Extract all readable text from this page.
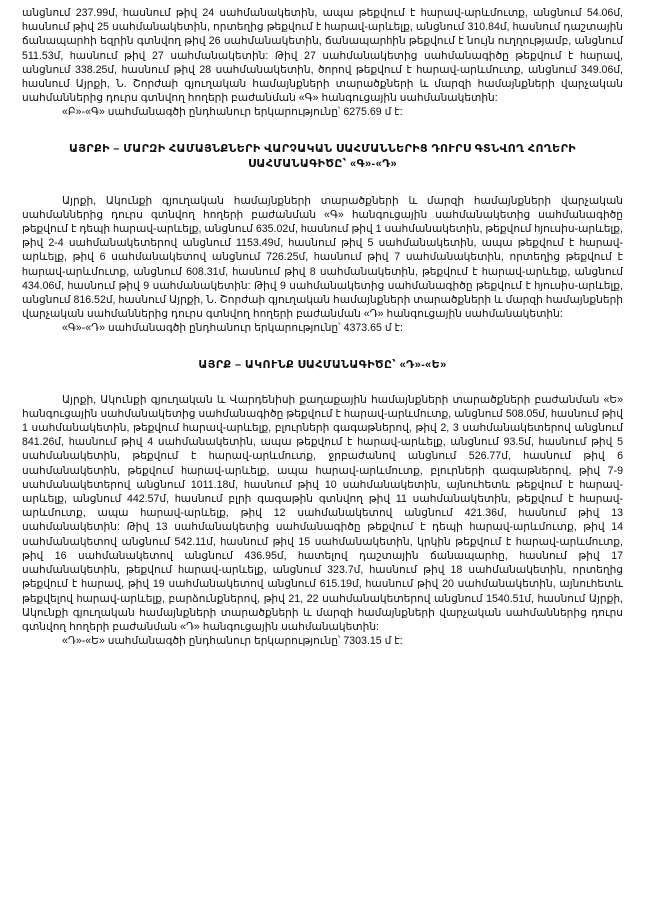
անցնում 237.99մ, hասնում թիվ 24 սահմանակետին, ապա թեքվում է hարավ-արևմուտք, անցնում 54.06մ, hասնում թիվ 25 սահմանակետին, որտեղից թեքվում է hարավ-արևելք, անցնում 310.84մ, hասնում դաշտային ճանապարհի եզրին գտնվող թիվ 26 սահմանակետին, ճանապարhին թեքվում է նույն ուղղությամբ, անցնում 511.53մ, hասնում թիվ 27 սահմանակետին: Թիվ 27 սահմանակետից սահմանագիծը թեքվում է hարավ, անցնում 338.25մ, hասնում թիվ 28 սահմանակետին, ծորով թեքվում է hարավ-արևմուտք, անցնում 349.06մ, hասնում Այրքի, Ն. Շորժաի գյուղական համայնքների տարածքների և մարզի համայնքների վարչական սահմաններից դուրս գտնվող հողերի բաժանման «Գ» հանգուցային սահմանակետին:

«Բ»-«Գ» սահմանագծի ընդհանուր երկարությունը՝ 6275.69 մ է:

ԱՅՐՔԻ – ՄԱՐԶԻ ՀԱՄԱՅՆՔՆԵՐԻ ՎԱՐՉԱԿԱՆ ՍԱՀՄԱՆՆԵՐԻՑ ԴՈՒՐՍ ԳՏՆՎՈՂ ՀՈՂԵՐԻ ՍԱՀՄԱՆԱԳԻԾԸ՝ «Գ»-«Դ»

Այրքի, Ակունքի գյուղական համայնքների տարածքների և մարզի համայնքների վարչական սահմաններից դուրս գտնվող հողերի բաժանման «Գ» հանգուցային սահմանակետից սահմանագիծը թեքվում է դեպի hարավ-արևելք, անցնում 635.02մ, hասնում թիվ 1 սահմանակետին, թեքվում hյուսիս-արևելք, թիվ 2-4 սահմանակետերով անցնում 1153.49մ, hասնում թիվ 5 սահմանակետին, ապա թեքվում է hարավ-արևելք, թիվ 6 սահմանակետով անցնում 726.25մ, hասնում թիվ 7 սահմանակետին, որտեղից թեքվում է hարավ-արևմուտք, անցնում 608.31մ, hասնում թիվ 8 սահմանակետին, թեքվում է hարավ-արևելք, անցնում 434.06մ, hասնում թիվ 9 սահմանակետին: Թիվ 9 սահմանակետից սահմանագիծը թեքվում է hյուսիս-արևելք, անցնում 816.52մ, hասնում Այրքի, Ն. Շորժաի գյուղական համայնքների տարածքների և մարզի համայնքների վարչական սահմաններից դուրս գտնվող հողերի բաժանման «Դ» հանգուցային սահմանակետին:

«Գ»-«Դ» սահմանագծի ընդհանուր երկարությունը՝ 4373.65 մ է:

ԱՅՐՔ – ԱԿՈՒՆՔ ՍԱՀՄԱՆԱԳԻԾԸ՝ «Դ»-«Ե»

Այրքի, Ակունքի գյուղական և Վարդենիսի քաղաքային համայնքների տարածքների բաժանման «Ե» հանգուցային սահմանակետից սահմանագիծը թեքվում է hարավ-արևմուտք, անցնում 508.05մ, hասնում թիվ 1 սահմանակետին, թեքվում hարավ-արևելք, բլուրների գագաթներով, թիվ 2, 3 սահմանակետերով անցնում 841.26մ, hասնում թիվ 4 սահմանակետին, ապա թեքվում է hարավ-արևելք, անցնում 93.5մ, hասնում թիվ 5 սահմանակետին, թեքվում է hարավ-արևմուտք, ջրբաժանով անցնում 526.77մ, hասնում թիվ 6 սահմանակետին, թեքվում hարավ-արևելք, ապա hարավ-արևմուտք, բլուրների գագաթներով, թիվ 7-9 սահմանակետերով անցնում 1011.18մ, hասնում թիվ 10 սահմանակետին, այնուհետև թեքվում է hարավ-արևելք, անցնում 442.57մ, hասնում բլրի գագաթին գտնվող թիվ 11 սահմանակետին, թեքվում է hարավ-արևմուտք, ապա hարավ-արևելք, թիվ 12 սահմանակետով անցնում 421.36մ, hասնում թիվ 13 սահմանակետին: Թիվ 13 սահմանակետից սահմանագիծը թեքվում է դեպի hարավ-արևմուտք, թիվ 14 սահմանակետով անցնում 542.11մ, hասնում թիվ 15 սահմանակետին, կրկին թեքվում է hարավ-արևմուտք, թիվ 16 սահմանակետով անցնում 436.95մ, hատելով դաշտային ճանապարհը, hասնում թիվ 17 սահմանակետին, թեքվում hարավ-արևելք, անցնում 323.7մ, hասնում թիվ 18 սահմանակետին, որտեղից թեքվում է hարավ, թիվ 19 սահմանակետով անցնում 615.19մ, hասնում թիվ 20 սահմանակետին, այնուհետև թեքվելով hարավ-արևելք, բարձունքներով, թիվ 21, 22 սահմանակետերով անցնում 1540.51մ, hասնում Այրքի, Ակունքի գյուղական համայնքների տարածքների և մարզի համայնքների վարչական սահմաններից դուրս գտնվող հողերի բաժանման «Դ» հանգուցային սահմանակետին:

«Դ»-«Ե» սահմանագծի ընդհանուր երկարությունը՝ 7303.15 մ է:
